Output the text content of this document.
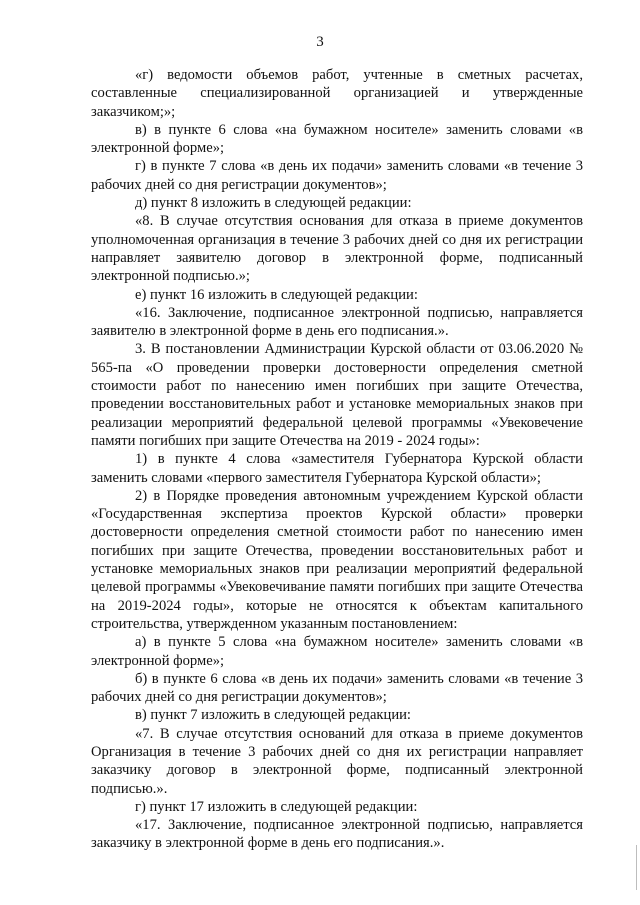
3

«г) ведомости объемов работ, учтенные в сметных расчетах, составленные специализированной организацией и утвержденные заказчиком;»;

в) в пункте 6 слова «на бумажном носителе» заменить словами «в электронной форме»;

г) в пункте 7 слова «в день их подачи» заменить словами «в течение 3 рабочих дней со дня регистрации документов»;

д) пункт 8 изложить в следующей редакции:

«8. В случае отсутствия основания для отказа в приеме документов уполномоченная организация в течение 3 рабочих дней со дня их регистрации направляет заявителю договор в электронной форме, подписанный электронной подписью.»;

е) пункт 16 изложить в следующей редакции:

«16. Заключение, подписанное электронной подписью, направляется заявителю в электронной форме в день его подписания.».

3. В постановлении Администрации Курской области от 03.06.2020 № 565-па «О проведении проверки достоверности определения сметной стоимости работ по нанесению имен погибших при защите Отечества, проведении восстановительных работ и установке мемориальных знаков при реализации мероприятий федеральной целевой программы «Увековечение памяти погибших при защите Отечества на 2019 - 2024 годы»:

1) в пункте 4 слова «заместителя Губернатора Курской области заменить словами «первого заместителя Губернатора Курской области»;

2) в Порядке проведения автономным учреждением Курской области «Государственная экспертиза проектов Курской области» проверки достоверности определения сметной стоимости работ по нанесению имен погибших при защите Отечества, проведении восстановительных работ и установке мемориальных знаков при реализации мероприятий федеральной целевой программы «Увековечивание памяти погибших при защите Отечества на 2019-2024 годы», которые не относятся к объектам капитального строительства, утвержденном указанным постановлением:

а) в пункте 5 слова «на бумажном носителе» заменить словами «в электронной форме»;

б) в пункте 6 слова «в день их подачи» заменить словами «в течение 3 рабочих дней со дня регистрации документов»;

в) пункт 7 изложить в следующей редакции:

«7. В случае отсутствия оснований для отказа в приеме документов Организация в течение 3 рабочих дней со дня их регистрации направляет заказчику договор в электронной форме, подписанный электронной подписью.».

г) пункт 17 изложить в следующей редакции:

«17. Заключение, подписанное электронной подписью, направляется заказчику в электронной форме в день его подписания.».
